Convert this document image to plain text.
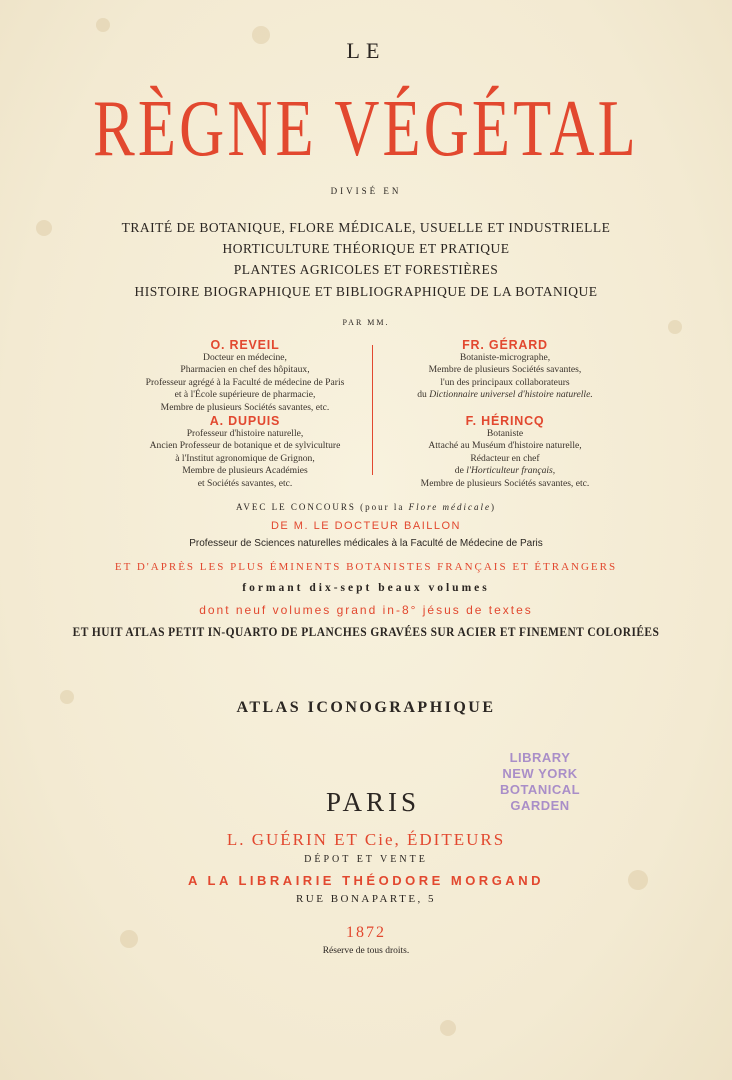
LE
RÈGNE VÉGÉTAL
DIVISÉ EN
TRAITÉ DE BOTANIQUE, FLORE MÉDICALE, USUELLE ET INDUSTRIELLE
HORTICULTURE THÉORIQUE ET PRATIQUE
PLANTES AGRICOLES ET FORESTIÈRES
HISTOIRE BIOGRAPHIQUE ET BIBLIOGRAPHIQUE DE LA BOTANIQUE
PAR MM.
O. REVEIL
Docteur en médecine,
Pharmacien en chef des hôpitaux,
Professeur agrégé à la Faculté de médecine de Paris
et à l'École supérieure de pharmacie,
Membre de plusieurs Sociétés savantes, etc.
A. DUPUIS
Professeur d'histoire naturelle,
Ancien Professeur de botanique et de sylviculture
à l'Institut agronomique de Grignon,
Membre de plusieurs Académies
et Sociétés savantes, etc.
FR. GÉRARD
Botaniste-micrographe,
Membre de plusieurs Sociétés savantes,
l'un des principaux collaborateurs
du Dictionnaire universel d'histoire naturelle.
F. HÉRINCQ
Botaniste
Attaché au Muséum d'histoire naturelle,
Rédacteur en chef
de l'Horticulteur français,
Membre de plusieurs Sociétés savantes, etc.
AVEC LE CONCOURS (pour la Flore médicale)
DE M. LE DOCTEUR BAILLON
Professeur de Sciences naturelles médicales à la Faculté de Médecine de Paris
ET D'APRÈS LES PLUS ÉMINENTS BOTANISTES FRANÇAIS ET ÉTRANGERS
formant dix-sept beaux volumes
dont neuf volumes grand in-8° jésus de textes
ET HUIT ATLAS PETIT IN-QUARTO DE PLANCHES GRAVÉES SUR ACIER ET FINEMENT COLORIÉES
ATLAS ICONOGRAPHIQUE
LIBRARY
NEW YORK
BOTANICAL
GARDEN
PARIS
L. GUÉRIN ET Cie, ÉDITEURS
DÉPOT ET VENTE
A LA LIBRAIRIE THÉODORE MORGAND
RUE BONAPARTE, 5
1872
Réserve de tous droits.
